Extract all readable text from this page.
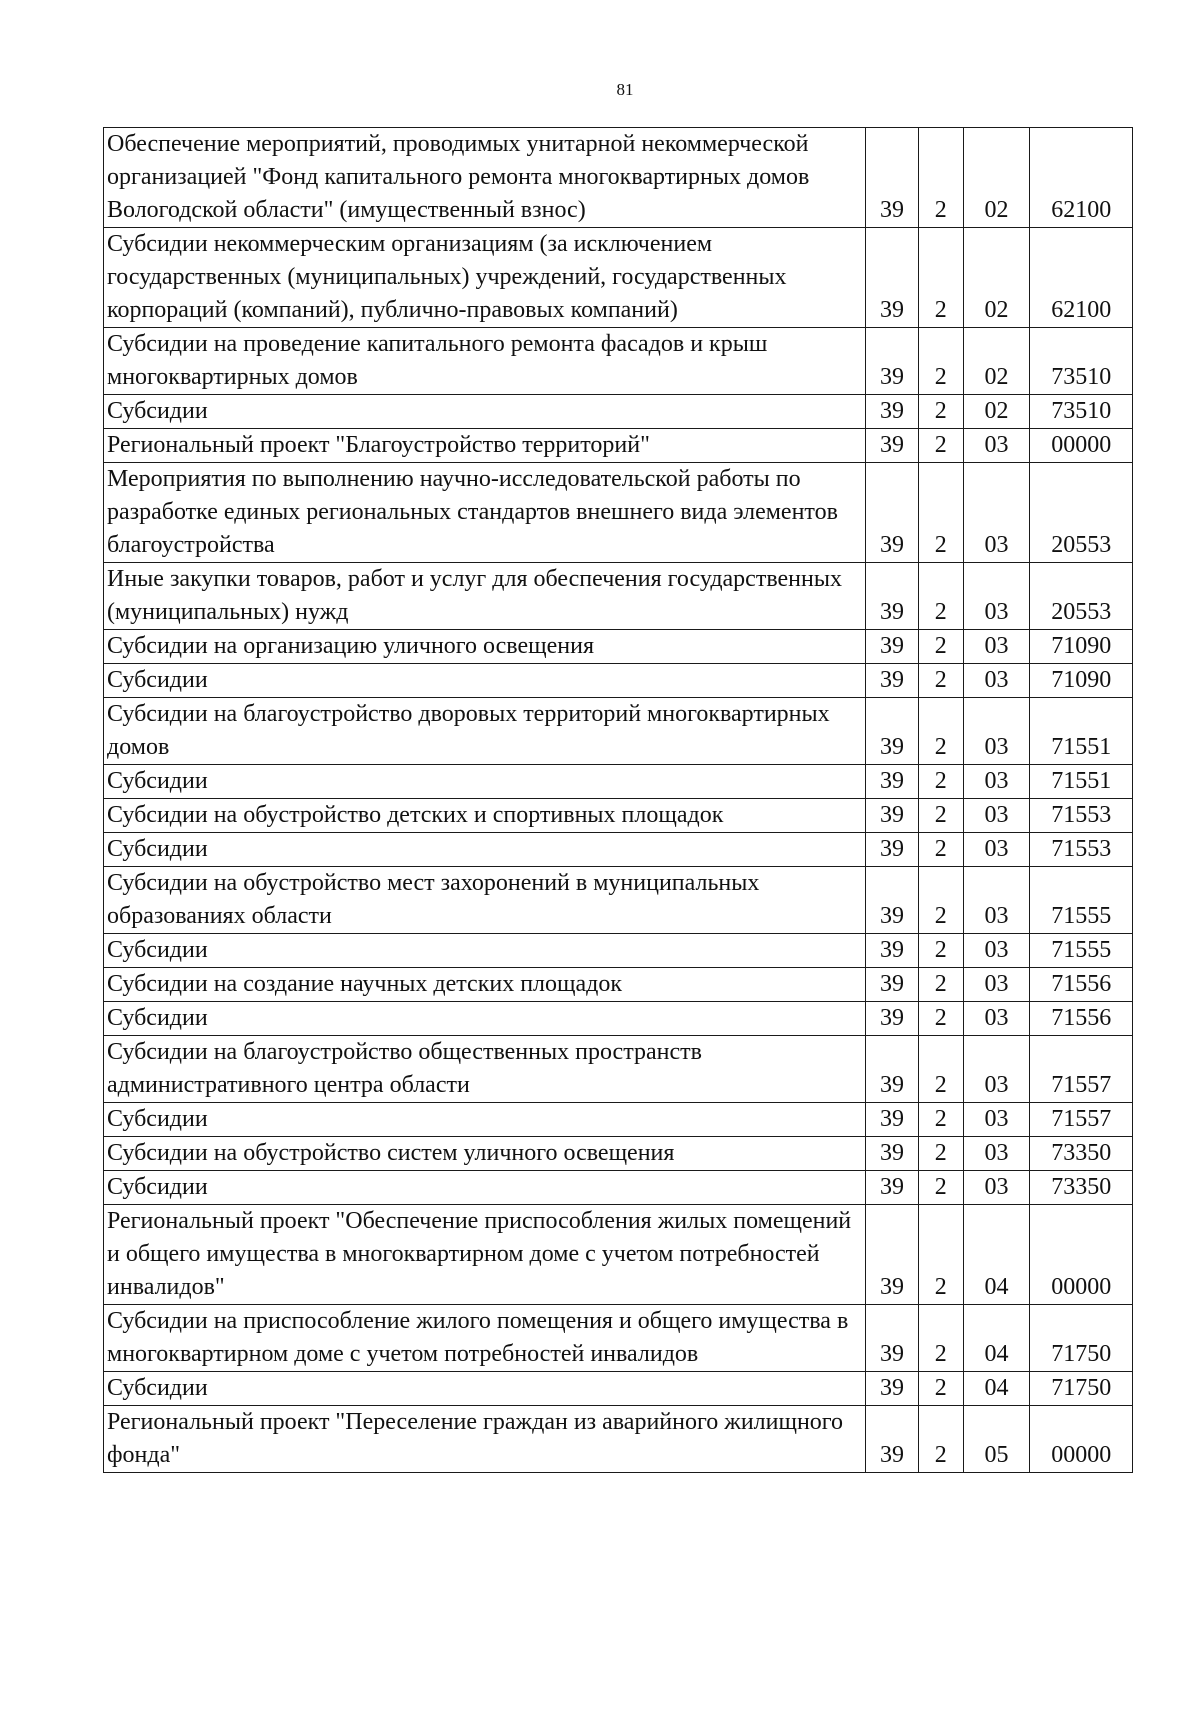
81
Обеспечение мероприятий, проводимых унитарной некоммерческой организацией "Фонд капитального ремонта многоквартирных домов Вологодской области" (имущественный взнос)	39	2	02	62100
Субсидии некоммерческим организациям (за исключением государственных (муниципальных) учреждений, государственных корпораций (компаний), публично-правовых компаний)	39	2	02	62100
Субсидии на проведение капитального ремонта фасадов и крыш многоквартирных домов	39	2	02	73510
Субсидии	39	2	02	73510
Региональный проект "Благоустройство территорий"	39	2	03	00000
Мероприятия по выполнению научно-исследовательской работы по разработке единых региональных стандартов внешнего вида элементов благоустройства	39	2	03	20553
Иные закупки товаров, работ и услуг для обеспечения государственных (муниципальных) нужд	39	2	03	20553
Субсидии на организацию уличного освещения	39	2	03	71090
Субсидии	39	2	03	71090
Субсидии на благоустройство дворовых территорий многоквартирных домов	39	2	03	71551
Субсидии	39	2	03	71551
Субсидии на обустройство детских и спортивных площадок	39	2	03	71553
Субсидии	39	2	03	71553
Субсидии на обустройство мест захоронений в муниципальных образованиях области	39	2	03	71555
Субсидии	39	2	03	71555
Субсидии на создание научных детских площадок	39	2	03	71556
Субсидии	39	2	03	71556
Субсидии на благоустройство общественных пространств административного центра области	39	2	03	71557
Субсидии	39	2	03	71557
Субсидии на обустройство систем уличного освещения	39	2	03	73350
Субсидии	39	2	03	73350
Региональный проект "Обеспечение приспособления жилых помещений и общего имущества в многоквартирном доме с учетом потребностей инвалидов"	39	2	04	00000
Субсидии на приспособление жилого помещения и общего имущества в многоквартирном доме с учетом потребностей инвалидов	39	2	04	71750
Субсидии	39	2	04	71750
Региональный проект "Переселение граждан из аварийного жилищного фонда"	39	2	05	00000
